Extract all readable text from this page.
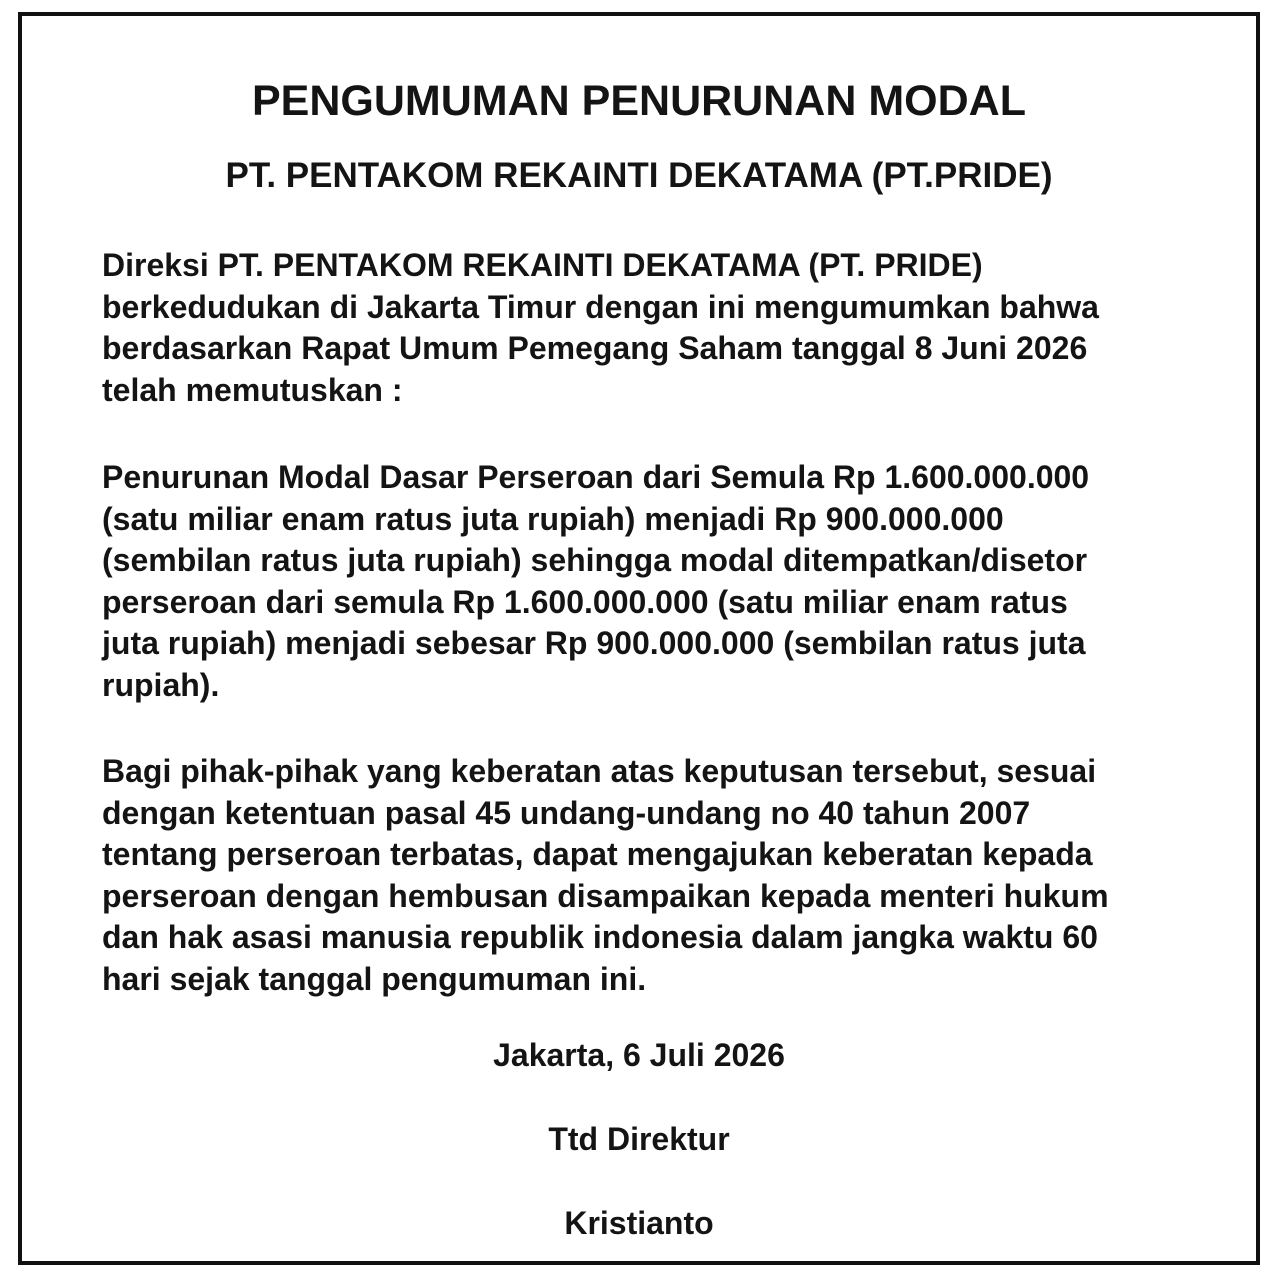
PENGUMUMAN PENURUNAN MODAL
PT. PENTAKOM REKAINTI DEKATAMA (PT.PRIDE)

Direksi PT. PENTAKOM REKAINTI DEKATAMA (PT. PRIDE)
berkedudukan di Jakarta Timur dengan ini mengumumkan bahwa
berdasarkan Rapat Umum Pemegang Saham tanggal 8 Juni 2026
telah memutuskan :

Penurunan Modal Dasar Perseroan dari Semula Rp 1.600.000.000
(satu miliar enam ratus juta rupiah) menjadi Rp 900.000.000
(sembilan ratus juta rupiah) sehingga modal ditempatkan/disetor
perseroan dari semula Rp 1.600.000.000 (satu miliar enam ratus
juta rupiah) menjadi sebesar Rp 900.000.000 (sembilan ratus juta
rupiah).

Bagi pihak-pihak yang keberatan atas keputusan tersebut, sesuai
dengan ketentuan pasal 45 undang-undang no 40 tahun 2007
tentang perseroan terbatas, dapat mengajukan keberatan kepada
perseroan dengan hembusan disampaikan kepada menteri hukum
dan hak asasi manusia republik indonesia dalam jangka waktu 60
hari sejak tanggal pengumuman ini.

Jakarta, 6 Juli 2026

Ttd Direktur

Kristianto
